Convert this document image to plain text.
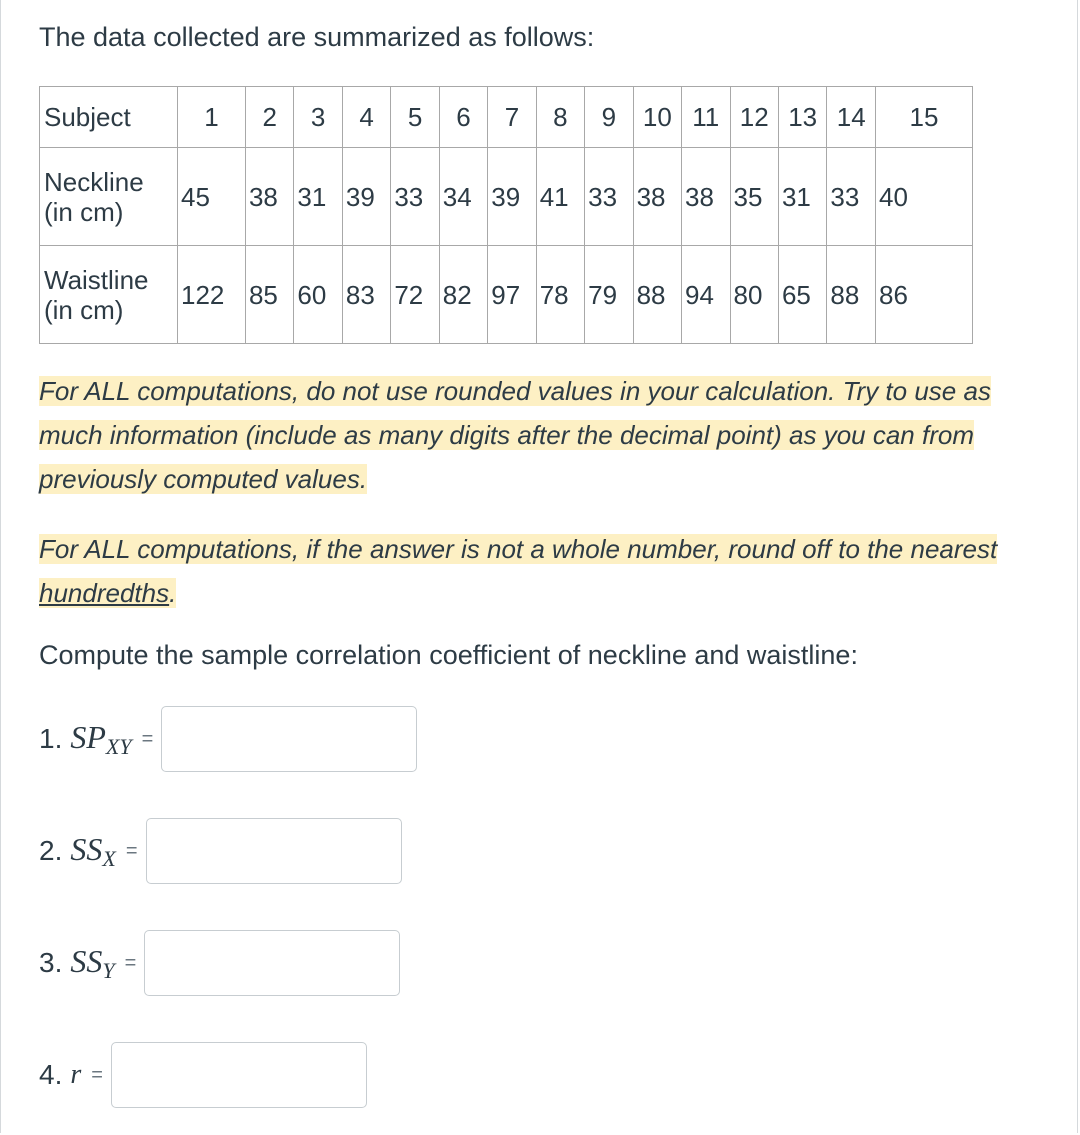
The data collected are summarized as follows:

Subject	1	2	3	4	5	6	7	8	9	10	11	12	13	14	15
Neckline
(in cm)	45	38	31	39	33	34	39	41	33	38	38	35	31	33	40
Waistline
(in cm)	122	85	60	83	72	82	97	78	79	88	94	80	65	88	86

For ALL computations, do not use rounded values in your calculation. Try to use as much information (include as many digits after the decimal point) as you can from previously computed values.

For ALL computations, if the answer is not a whole number, round off to the nearest hundredths.

Compute the sample correlation coefficient of neckline and waistline:

1. $SP_{XY}$ =
2. $SS_X$ =
3. $SS_Y$ =
4. r =
